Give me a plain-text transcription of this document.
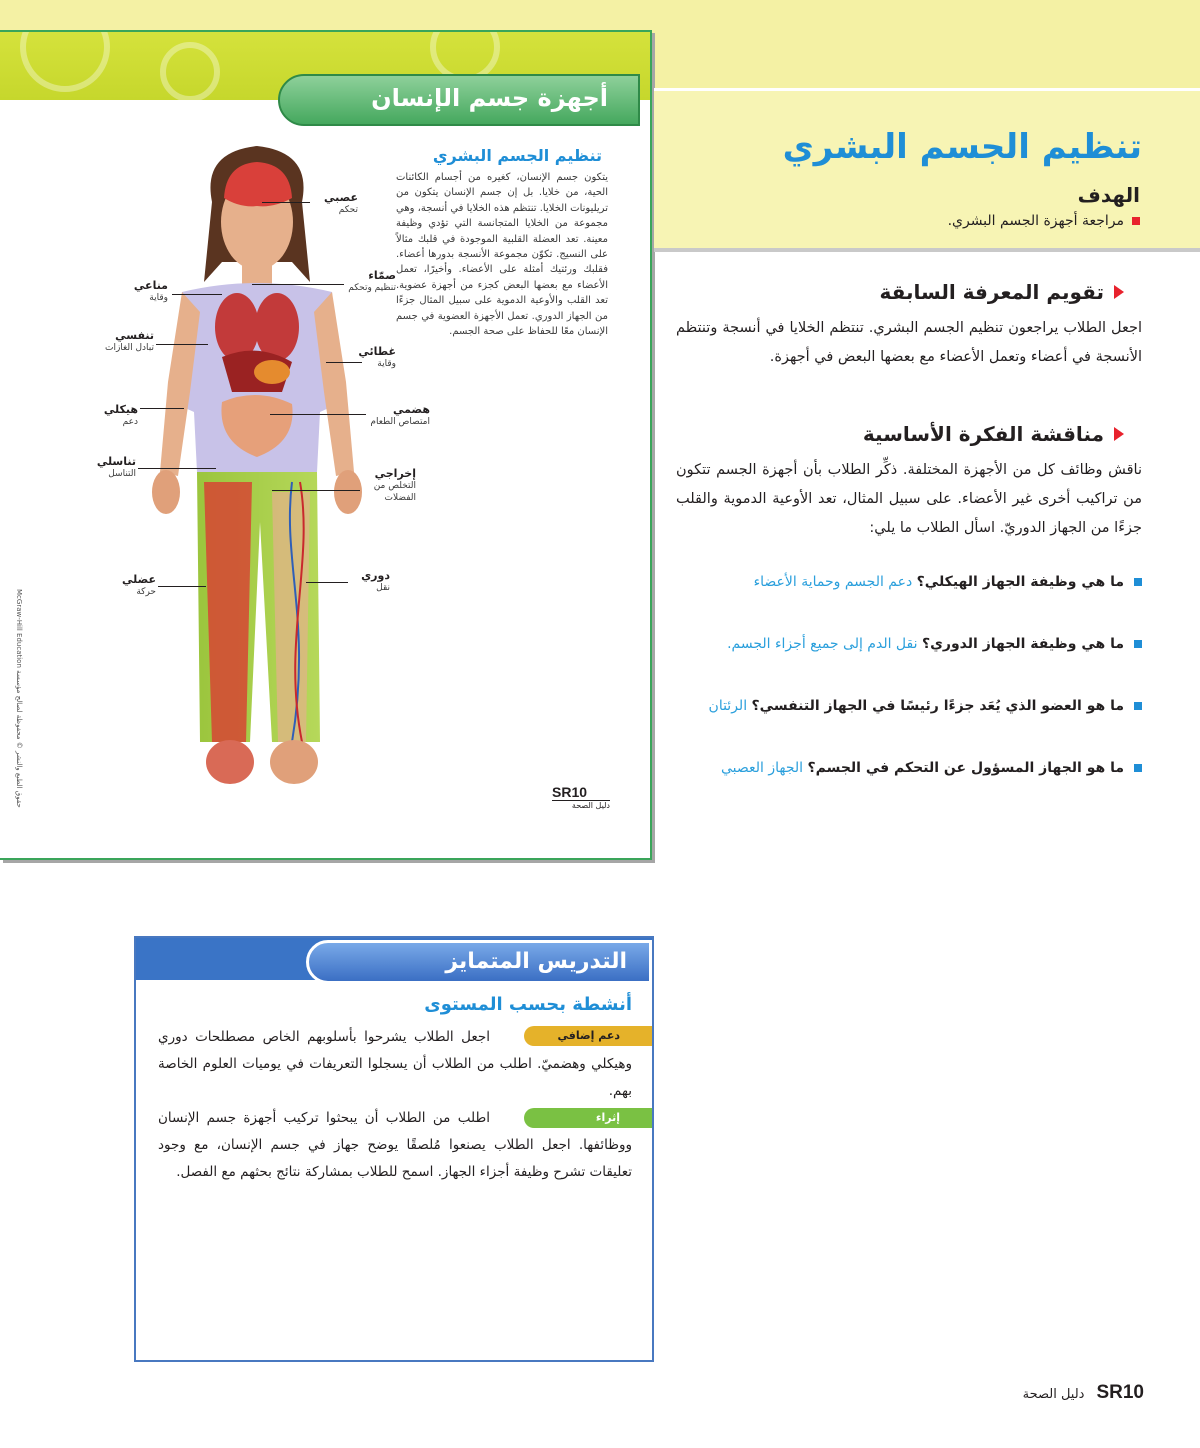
أجهزة جسم الإنسان
تنظيم الجسم البشري
يتكون جسم الإنسان، كغيره من أجسام الكائنات الحية، من خلايا. بل إن جسم الإنسان يتكون من تريليونات الخلايا. تنتظم هذه الخلايا في أنسجة، وهي مجموعة من الخلايا المتجانسة التي تؤدي وظيفة معينة. تعد العضلة القلبية الموجودة في قلبك مثالاً على النسيج. تكوّن مجموعة الأنسجة بدورها أعضاء. فقلبك ورئتيك أمثلة على الأعضاء. وأخيرًا، تعمل الأعضاء مع بعضها البعض كجزء من أجهزة عضوية. تعد القلب والأوعية الدموية على سبيل المثال جزءًا من الجهاز الدوري. تعمل الأجهزة العضوية في جسم الإنسان معًا للحفاظ على صحة الجسم.
عصبي
تحكم
صمّاء
تنظيم وتحكم
مناعي
وقاية
تنفسي
تبادل الغازات	غطائي
وقاية
هيكلي
دعم
هضمي
امتصاص الطعام
تناسلي
التناسل	إخراجي
التخلص من الفضلات
عضلي
حركة
دوري
نقل
McGraw-Hill Education حقوق الطبع والنشر © محفوظة لصالح مؤسسة	SR10
دليل الصحة
تنظيم الجسم البشري
الهدف
مراجعة أجهزة الجسم البشري.
تقويم المعرفة السابقة
اجعل الطلاب يراجعون تنظيم الجسم البشري. تنتظم الخلايا في أنسجة وتنتظم الأنسجة في أعضاء وتعمل الأعضاء مع بعضها البعض في أجهزة.
مناقشة الفكرة الأساسية
ناقش وظائف كل من الأجهزة المختلفة. ذكِّر الطلاب بأن أجهزة الجسم تتكون من تراكيب أخرى غير الأعضاء. على سبيل المثال، تعد الأوعية الدموية والقلب جزءًا من الجهاز الدوريّ. اسأل الطلاب ما يلي:
ما هي وظيفة الجهاز الهيكلي؟ دعم الجسم وحماية الأعضاء
ما هي وظيفة الجهاز الدوري؟ نقل الدم إلى جميع أجزاء الجسم.
ما هو العضو الذي يُعَد جزءًا رئيسًا في الجهاز التنفسي؟ الرئتان
ما هو الجهاز المسؤول عن التحكم في الجسم؟ الجهاز العصبي
التدريس المتمايز
أنشطة بحسب المستوى
دعم إضافي
اجعل الطلاب يشرحوا بأسلوبهم الخاص مصطلحات دوري وهيكلي وهضميّ. اطلب من الطلاب أن يسجلوا التعريفات في يوميات العلوم الخاصة بهم.
إثراء
اطلب من الطلاب أن يبحثوا تركيب أجهزة جسم الإنسان ووظائفها. اجعل الطلاب يصنعوا مُلصقًا يوضح جهاز في جسم الإنسان، مع وجود تعليقات تشرح وظيفة أجزاء الجهاز. اسمح للطلاب بمشاركة نتائج بحثهم مع الفصل.
SR10
دليل الصحة
